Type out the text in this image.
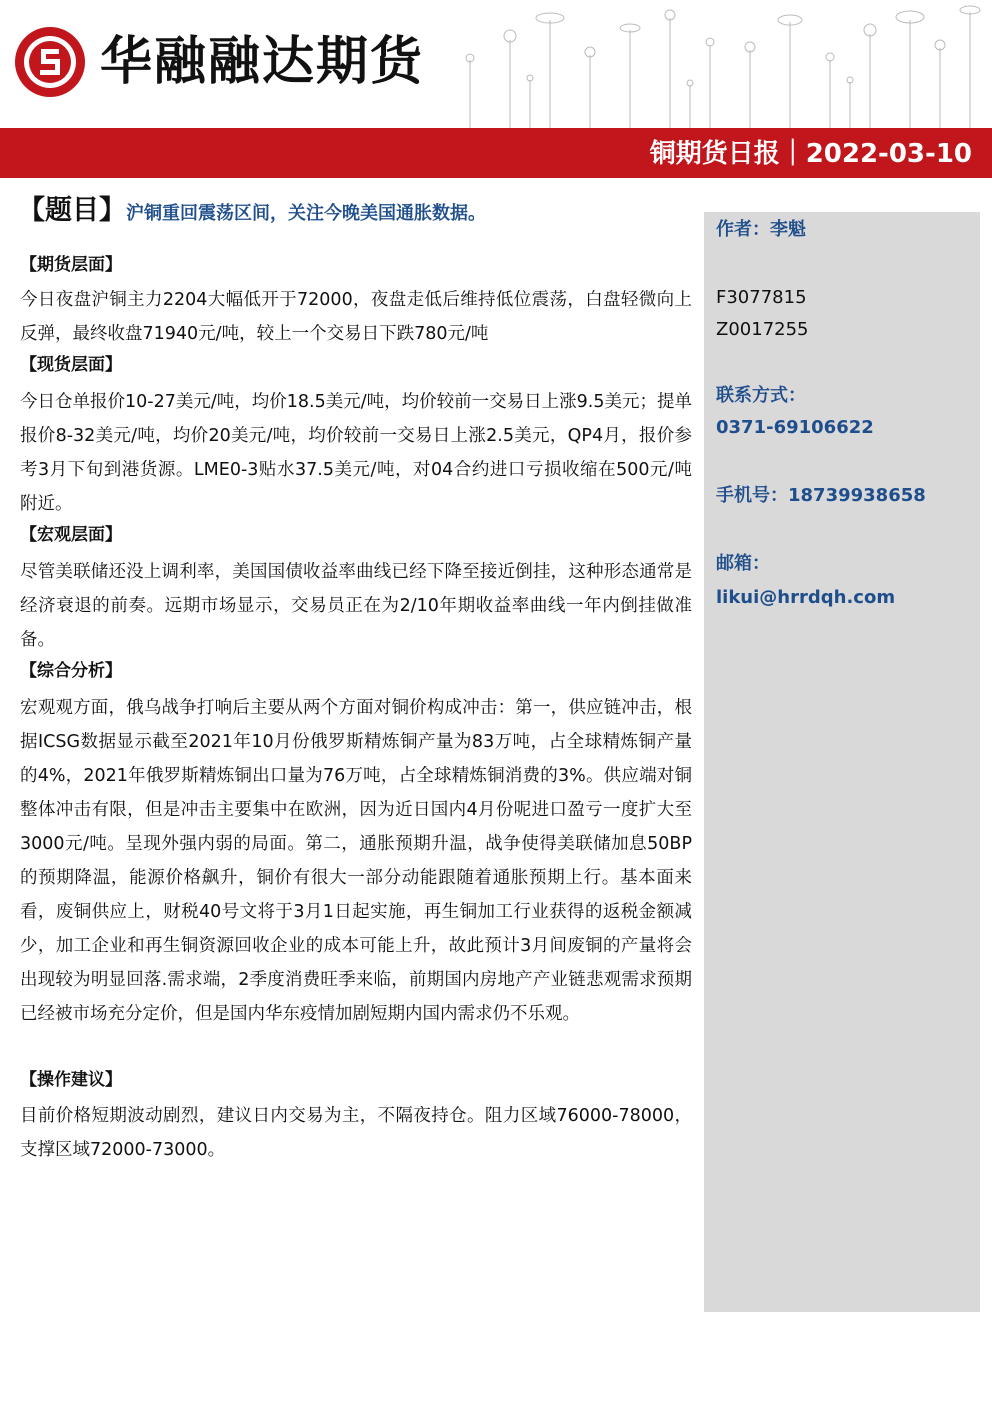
华融融达期货
铜期货日报｜2022-03-10
【题目】沪铜重回震荡区间，关注今晚美国通胀数据。
【期货层面】
今日夜盘沪铜主力2204大幅低开于72000，夜盘走低后维持低位震荡，白盘轻微向上反弹，最终收盘71940元/吨，较上一个交易日下跌780元/吨
【现货层面】
今日仓单报价10-27美元/吨，均价18.5美元/吨，均价较前一交易日上涨9.5美元；提单报价8-32美元/吨，均价20美元/吨，均价较前一交易日上涨2.5美元，QP4月，报价参考3月下旬到港货源。LME0-3贴水37.5美元/吨，对04合约进口亏损收缩在500元/吨附近。
【宏观层面】
尽管美联储还没上调利率，美国国债收益率曲线已经下降至接近倒挂，这种形态通常是经济衰退的前奏。远期市场显示，交易员正在为2/10年期收益率曲线一年内倒挂做准备。
【综合分析】
宏观观方面，俄乌战争打响后主要从两个方面对铜价构成冲击：第一，供应链冲击，根据ICSG数据显示截至2021年10月份俄罗斯精炼铜产量为83万吨，占全球精炼铜产量的4%，2021年俄罗斯精炼铜出口量为76万吨，占全球精炼铜消费的3%。供应端对铜整体冲击有限，但是冲击主要集中在欧洲，因为近日国内4月份呢进口盈亏一度扩大至3000元/吨。呈现外强内弱的局面。第二，通胀预期升温，战争使得美联储加息50BP的预期降温，能源价格飙升，铜价有很大一部分动能跟随着通胀预期上行。基本面来看，废铜供应上，财税40号文将于3月1日起实施，再生铜加工行业获得的返税金额减少，加工企业和再生铜资源回收企业的成本可能上升，故此预计3月间废铜的产量将会出现较为明显回落.需求端，2季度消费旺季来临，前期国内房地产产业链悲观需求预期已经被市场充分定价，但是国内华东疫情加剧短期内国内需求仍不乐观。
【操作建议】
目前价格短期波动剧烈，建议日内交易为主，不隔夜持仓。阻力区域76000-78000，支撑区域72000-73000。
作者：李魁
F3077815
Z0017255
联系方式：
0371-69106622
手机号：18739938658
邮箱：
likui@hrrdqh.com
